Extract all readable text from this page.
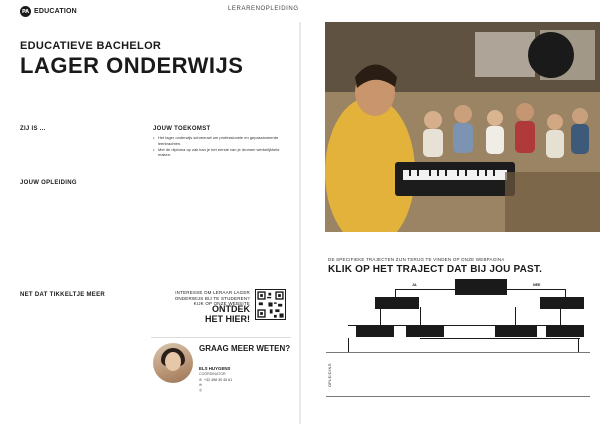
PA EDUCATION	LERARENOPLEIDING
EDUCATIEVE BACHELOR
LAGER ONDERWIJS
ZIJ IS ...
JOUW OPLEIDING
NET DAT TIKKELTJE MEER
JOUW TOEKOMST
• Het lager onderwijs schreeuwt om professionele en gepassioneerde leerkrachten.
• Met de diploma op zak kan je het eerste van je dromen werkelijkheid maken.
INTERESSE OM LERAAR LAGER ONDERWIJS BIJ TE STUDEREN? KIJK OP ONZE WEBSITE
ONTDEK HET HIER!
GRAAG MEER WETEN?
ELS HUYGENS
COÖRDINATOR
✆ +32 498 30 45 61
✉
◎
DE SPECIFIEKE TRAJECTEN ZIJN TERUG TE VINDEN OP ONZE WEBPAGINA
KLIK OP HET TRAJECT DAT BIJ JOU PAST.
JA	NEE
OPLEIDING
